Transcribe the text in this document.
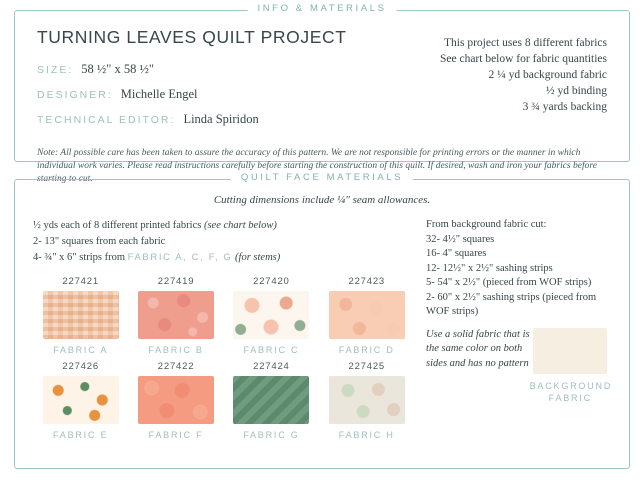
INFO & MATERIALS
TURNING LEAVES QUILT PROJECT
SIZE: 58 ½" x 58 ½"
DESIGNER: Michelle Engel
TECHNICAL EDITOR: Linda Spiridon
This project uses 8 different fabrics
See chart below for fabric quantities
2 ¼ yd background fabric
½ yd binding
3 ¾ yards backing
Note: All possible care has been taken to assure the accuracy of this pattern. We are not responsible for printing errors or the manner in which individual work varies. Please read instructions carefully before starting the construction of this quilt. If desired, wash and iron your fabrics before starting to cut.	QUILT FACE MATERIALS
Cutting dimensions include ¼" seam allowances.
½ yds each of 8 different printed fabrics (see chart below)
2- 13" squares from each fabric
4- ¾" x 6" strips from FABRIC A, C, F, G (for stems)
227421
FABRIC A
227419
FABRIC B
227420
FABRIC C
227423
FABRIC D
227426
FABRIC E
227422
FABRIC F
227424
FABRIC G
227425
FABRIC H
From background fabric cut:
32- 4½" squares
16- 4" squares
12- 12½" x 2½" sashing strips
5- 54" x 2½" (pieced from WOF strips)
2- 60" x 2½" sashing strips (pieced from WOF strips)
Use a solid fabric that is the same color on both sides and has no pattern
BACKGROUND FABRIC
